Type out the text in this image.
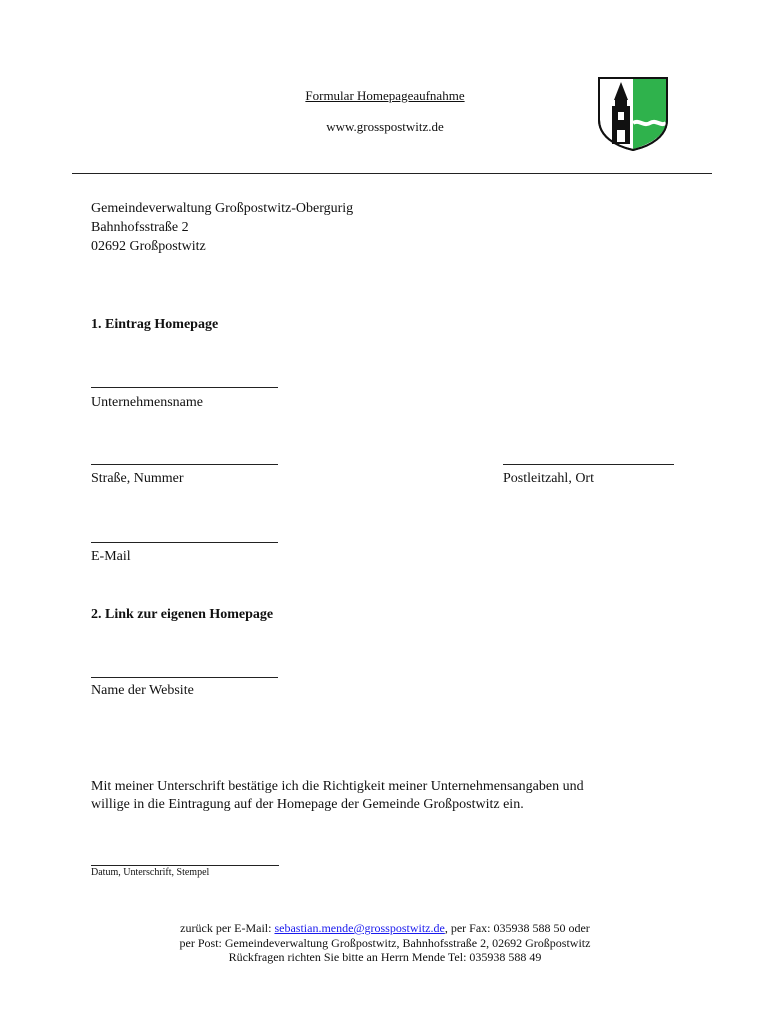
Formular Homepageaufnahme
www.grosspostwitz.de
Gemeindeverwaltung Großpostwitz-Obergurig
Bahnhofsstraße 2
02692 Großpostwitz
1. Eintrag Homepage
Unternehmensname
Straße, Nummer	Postleitzahl, Ort
E-Mail
2. Link zur eigenen Homepage
Name der Website
Mit meiner Unterschrift bestätige ich die Richtigkeit meiner Unternehmensangaben und
willige in die Eintragung auf der Homepage der Gemeinde Großpostwitz ein.
Datum, Unterschrift, Stempel
zurück per E-Mail: sebastian.mende@grosspostwitz.de, per Fax: 035938 588 50 oder
per Post: Gemeindeverwaltung Großpostwitz, Bahnhofsstraße 2, 02692 Großpostwitz
Rückfragen richten Sie bitte an Herrn Mende Tel: 035938 588 49
